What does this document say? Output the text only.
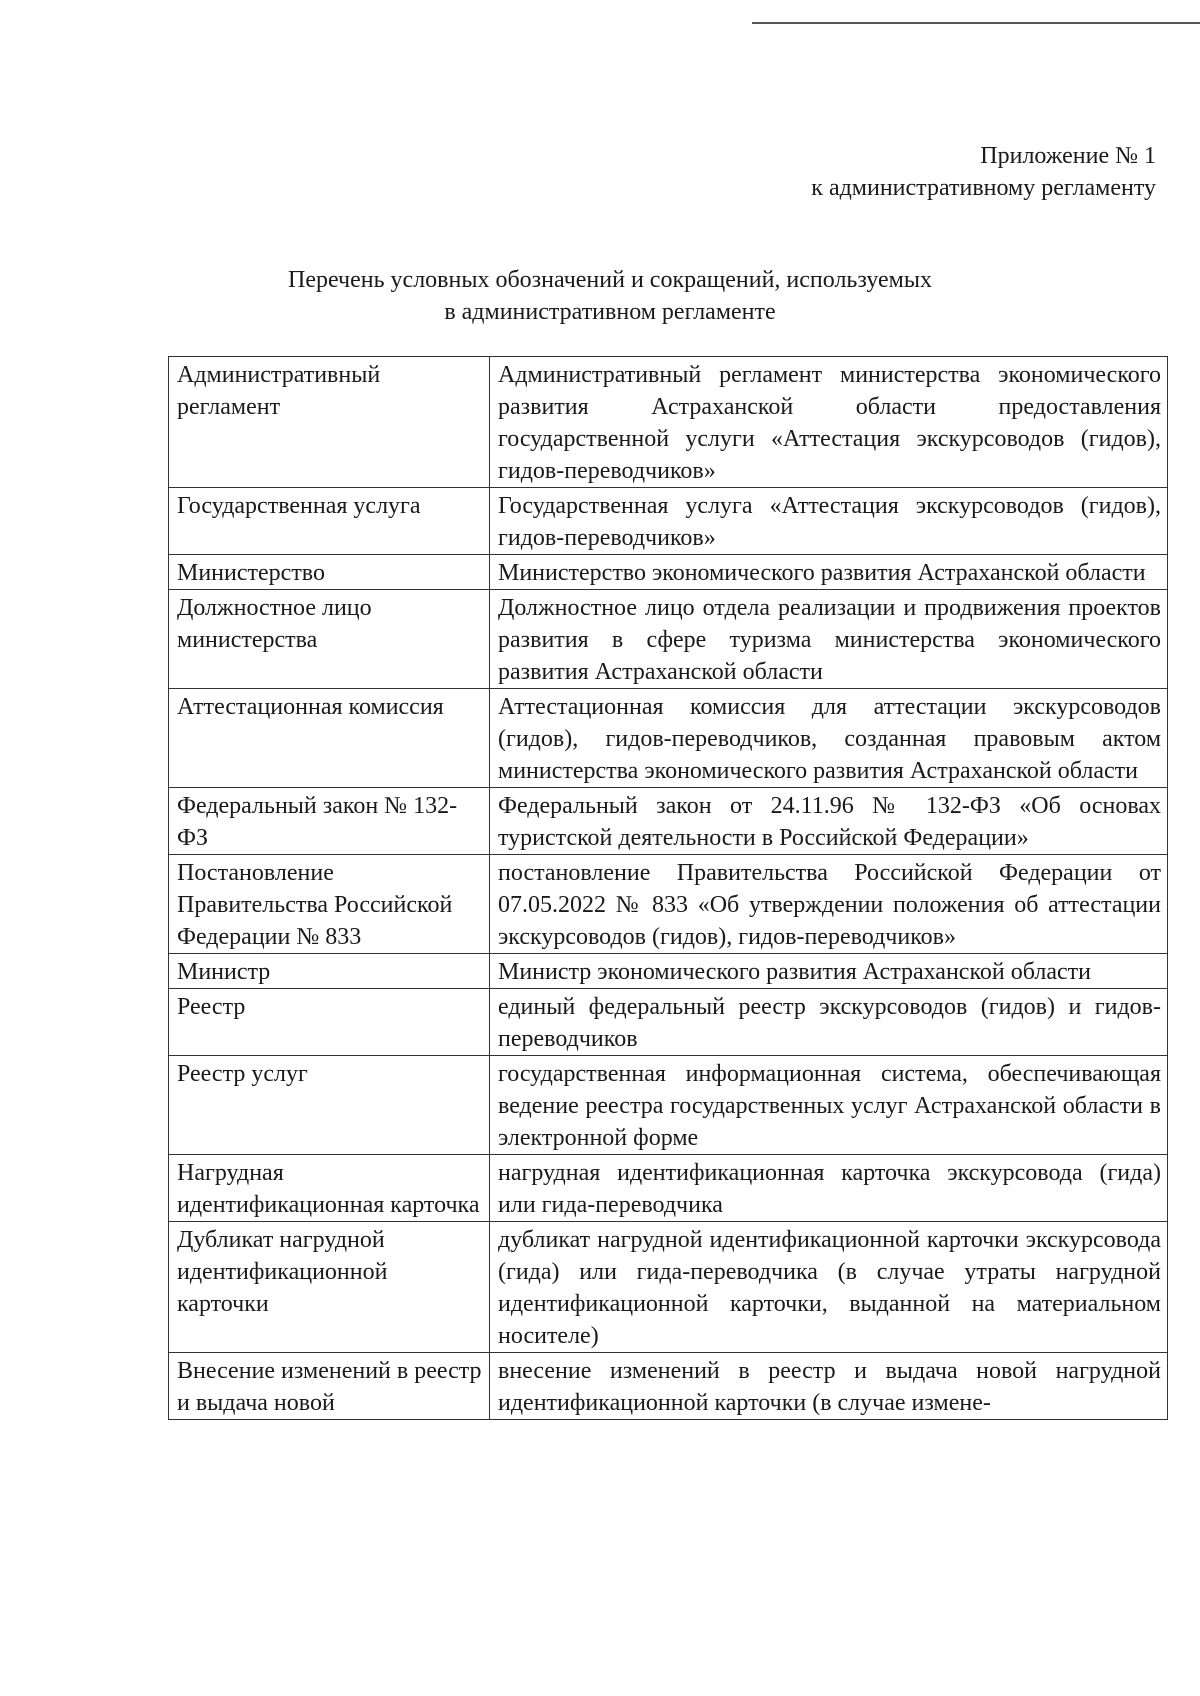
Приложение № 1
к административному регламенту
Перечень условных обозначений и сокращений, используемых
в административном регламенте
Административный регламент	Административный регламент министерства экономического развития Астраханской области предоставления государственной услуги «Аттестация экскурсоводов (гидов), гидов-переводчиков»
Государственная услуга	Государственная услуга «Аттестация экскурсоводов (гидов), гидов-переводчиков»
Министерство	Министерство экономического развития Астраханской области
Должностное лицо министерства	Должностное лицо отдела реализации и продвижения проектов развития в сфере туризма министерства экономического развития Астраханской области
Аттестационная комиссия	Аттестационная комиссия для аттестации экскурсоводов (гидов), гидов-переводчиков, созданная правовым актом министерства экономического развития Астраханской области
Федеральный закон № 132-ФЗ	Федеральный закон от 24.11.96 № 132-ФЗ «Об основах туристской деятельности в Российской Федерации»
Постановление Правительства Российской Федерации № 833	постановление Правительства Российской Федерации от 07.05.2022 № 833 «Об утверждении положения об аттестации экскурсоводов (гидов), гидов-переводчиков»
Министр	Министр экономического развития Астраханской области
Реестр	единый федеральный реестр экскурсоводов (гидов) и гидов-переводчиков
Реестр услуг	государственная информационная система, обеспечивающая ведение реестра государственных услуг Астраханской области в электронной форме
Нагрудная идентификационная карточка	нагрудная идентификационная карточка экскурсовода (гида) или гида-переводчика
Дубликат нагрудной идентификационной карточки	дубликат нагрудной идентификационной карточки экскурсовода (гида) или гида-переводчика (в случае утраты нагрудной идентификационной карточки, выданной на материальном носителе)

Внесение изменений в реестр и выдача новой	внесение изменений в реестр и выдача новой нагрудной идентификационной карточки (в случае измене-
